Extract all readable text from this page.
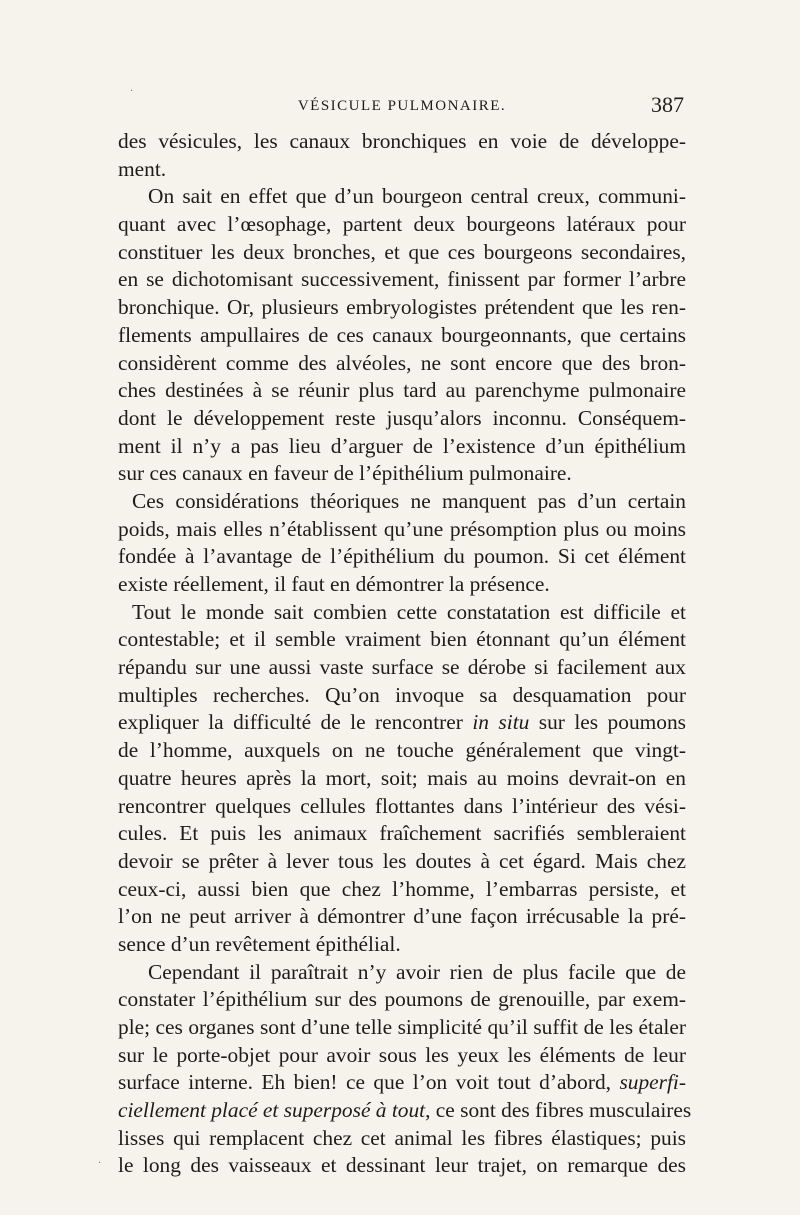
·
·
VÉSICULE PULMONAIRE.	387
des vésicules, les canaux bronchiques en voie de développe-
ment.
On sait en effet que d’un bourgeon central creux, communi-
quant avec l’œsophage, partent deux bourgeons latéraux pour
constituer les deux bronches, et que ces bourgeons secondaires,
en se dichotomisant successivement, finissent par former l’arbre
bronchique. Or, plusieurs embryologistes prétendent que les ren-
flements ampullaires de ces canaux bourgeonnants, que certains
considèrent comme des alvéoles, ne sont encore que des bron-
ches destinées à se réunir plus tard au parenchyme pulmonaire
dont le développement reste jusqu’alors inconnu. Conséquem-
ment il n’y a pas lieu d’arguer de l’existence d’un épithélium
sur ces canaux en faveur de l’épithélium pulmonaire.
Ces considérations théoriques ne manquent pas d’un certain
poids, mais elles n’établissent qu’une présomption plus ou moins
fondée à l’avantage de l’épithélium du poumon. Si cet élément
existe réellement, il faut en démontrer la présence.
Tout le monde sait combien cette constatation est difficile et
contestable; et il semble vraiment bien étonnant qu’un élément
répandu sur une aussi vaste surface se dérobe si facilement aux
multiples recherches. Qu’on invoque sa desquamation pour
expliquer la difficulté de le rencontrer in situ sur les poumons
de l’homme, auxquels on ne touche généralement que vingt-
quatre heures après la mort, soit; mais au moins devrait-on en
rencontrer quelques cellules flottantes dans l’intérieur des vési-
cules. Et puis les animaux fraîchement sacrifiés sembleraient
devoir se prêter à lever tous les doutes à cet égard. Mais chez
ceux-ci, aussi bien que chez l’homme, l’embarras persiste, et
l’on ne peut arriver à démontrer d’une façon irrécusable la pré-
sence d’un revêtement épithélial.
Cependant il paraîtrait n’y avoir rien de plus facile que de
constater l’épithélium sur des poumons de grenouille, par exem-
ple; ces organes sont d’une telle simplicité qu’il suffit de les étaler
sur le porte-objet pour avoir sous les yeux les éléments de leur
surface interne. Eh bien! ce que l’on voit tout d’abord, superfi-
ciellement placé et superposé à tout, ce sont des fibres musculaires
lisses qui remplacent chez cet animal les fibres élastiques; puis
le long des vaisseaux et dessinant leur trajet, on remarque des
